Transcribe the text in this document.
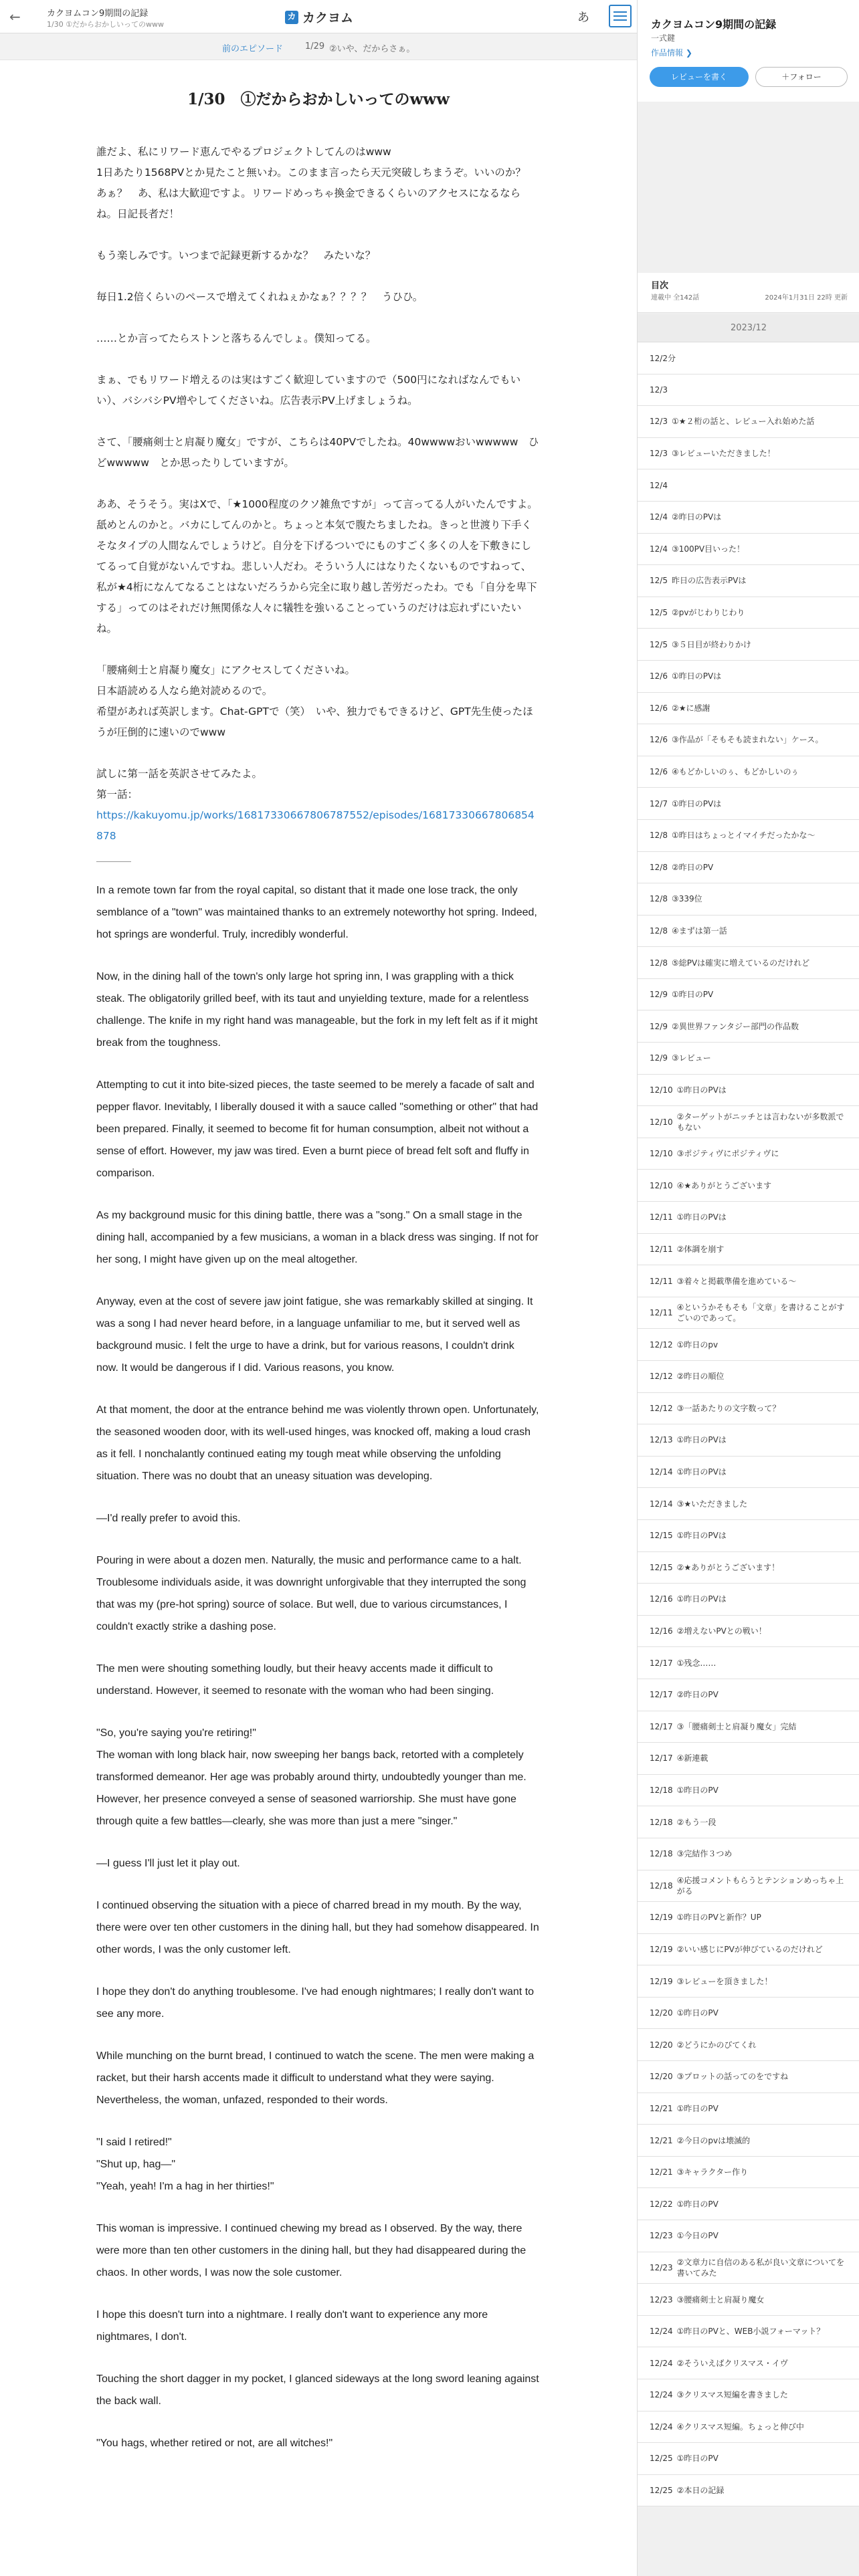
←	カクヨムコン9期間の記録
1/30 ①だからおかしいってのwww
カ カクヨム	あ
前のエピソード	1/29 ②いや、だからさぁ。
1/30　①だからおかしいってのwww

誰だよ、私にリワード恵んでやるプロジェクトしてんのはwww
1日あたり1568PVとか見たこと無いわ。このまま言ったら天元突破しちまうぞ。いいのか？　あぁ？　あ、私は大歓迎ですよ。リワードめっちゃ換金できるくらいのアクセスになるならね。日記長者だ！

もう楽しみです。いつまで記録更新するかな？　みたいな？

毎日1.2倍くらいのペースで増えてくれねぇかなぁ？？？？　うひひ。

……とか言ってたらストンと落ちるんでしょ。僕知ってる。

まぁ、でもリワード増えるのは実はすごく歓迎していますので（500円になればなんでもいい）、バシバシPV増やしてくださいね。広告表示PV上げましょうね。

さて、「腰痛剣士と肩凝り魔女」ですが、こちらは40PVでしたね。40wwwwおいwwwww　ひどwwwww　とか思ったりしていますが。

ああ、そうそう。実はXで、「★1000程度のクソ雑魚ですが」って言ってる人がいたんですよ。舐めとんのかと。バカにしてんのかと。ちょっと本気で腹たちましたね。きっと世渡り下手くそなタイプの人間なんでしょうけど。自分を下げるついでにものすごく多くの人を下敷きにしてるって自覚がないんですね。悲しい人だわ。そういう人にはなりたくないものですねって、私が★4桁になんてなることはないだろうから完全に取り越し苦労だったわ。でも「自分を卑下する」ってのはそれだけ無関係な人々に犠牲を強いることっていうのだけは忘れずにいたいね。

「腰痛剣士と肩凝り魔女」にアクセスしてくださいね。
日本語読める人なら絶対読めるので。
希望があれば英訳します。Chat-GPTで（笑）　いや、独力でもできるけど、GPT先生使ったほうが圧倒的に速いのでwww

試しに第一話を英訳させてみたよ。
第一話：
https://kakuyomu.jp/works/16817330667806787552/episodes/16817330667806854878

In a remote town far from the royal capital, so distant that it made one lose track, the only semblance of a "town" was maintained thanks to an extremely noteworthy hot spring. Indeed, hot springs are wonderful. Truly, incredibly wonderful.

Now, in the dining hall of the town's only large hot spring inn, I was grappling with a thick steak. The obligatorily grilled beef, with its taut and unyielding texture, made for a relentless challenge. The knife in my right hand was manageable, but the fork in my left felt as if it might break from the toughness.

Attempting to cut it into bite-sized pieces, the taste seemed to be merely a facade of salt and pepper flavor. Inevitably, I liberally doused it with a sauce called "something or other" that had been prepared. Finally, it seemed to become fit for human consumption, albeit not without a sense of effort. However, my jaw was tired. Even a burnt piece of bread felt soft and fluffy in comparison.

As my background music for this dining battle, there was a "song." On a small stage in the dining hall, accompanied by a few musicians, a woman in a black dress was singing. If not for her song, I might have given up on the meal altogether.

Anyway, even at the cost of severe jaw joint fatigue, she was remarkably skilled at singing. It was a song I had never heard before, in a language unfamiliar to me, but it served well as background music. I felt the urge to have a drink, but for various reasons, I couldn't drink now. It would be dangerous if I did. Various reasons, you know.

At that moment, the door at the entrance behind me was violently thrown open. Unfortunately, the seasoned wooden door, with its well-used hinges, was knocked off, making a loud crash as it fell. I nonchalantly continued eating my tough meat while observing the unfolding situation. There was no doubt that an uneasy situation was developing.

―I'd really prefer to avoid this.

Pouring in were about a dozen men. Naturally, the music and performance came to a halt. Troublesome individuals aside, it was downright unforgivable that they interrupted the song that was my (pre-hot spring) source of solace. But well, due to various circumstances, I couldn't exactly strike a dashing pose.

The men were shouting something loudly, but their heavy accents made it difficult to understand. However, it seemed to resonate with the woman who had been singing.

"So, you're saying you're retiring!"
The woman with long black hair, now sweeping her bangs back, retorted with a completely transformed demeanor. Her age was probably around thirty, undoubtedly younger than me. However, her presence conveyed a sense of seasoned warriorship. She must have gone through quite a few battles―clearly, she was more than just a mere "singer."

―I guess I'll just let it play out.

I continued observing the situation with a piece of charred bread in my mouth. By the way, there were over ten other customers in the dining hall, but they had somehow disappeared. In other words, I was the only customer left.

I hope they don't do anything troublesome. I've had enough nightmares; I really don't want to see any more.

While munching on the burnt bread, I continued to watch the scene. The men were making a racket, but their harsh accents made it difficult to understand what they were saying. Nevertheless, the woman, unfazed, responded to their words.

"I said I retired!"
"Shut up, hag―"
"Yeah, yeah! I'm a hag in her thirties!"

This woman is impressive. I continued chewing my bread as I observed. By the way, there were more than ten other customers in the dining hall, but they had disappeared during the chaos. In other words, I was now the sole customer.

I hope this doesn't turn into a nightmare. I really don't want to experience any more nightmares, I don't.

Touching the short dagger in my pocket, I glanced sideways at the long sword leaning against the back wall.

"You hags, whether retired or not, are all witches!"

カクヨムコン9期間の記録
一式鍵
作品情報 ❯
レビューを書く	＋フォロー
目次
連載中 全142話	2024年1月31日 22時 更新
2023/12
12/2分
12/3
12/3 ①★２桁の話と、レビュー入れ始めた話
12/3 ③レビューいただきました！
12/4
12/4 ②昨日のPVは
12/4 ③100PV目いった！
12/5 昨日の広告表示PVは
12/5 ②pvがじわりじわり
12/5 ③５日目が終わりかけ
12/6 ①昨日のPVは
12/6 ②★に感謝
12/6 ③作品が「そもそも読まれない」ケース。
12/6 ④もどかしいのぅ、もどかしいのぅ
12/7 ①昨日のPVは
12/8 ①昨日はちょっとイマイチだったかな〜
12/8 ②昨日のPV
12/8 ③339位
12/8 ④まずは第一話
12/8 ⑤総PVは確実に増えているのだけれど
12/9 ①昨日のPV
12/9 ②異世界ファンタジー部門の作品数
12/9 ③レビュー
12/10 ①昨日のPVは
12/10
②ターゲットがニッチとは言わないが多数派でもない
12/10 ③ポジティヴにポジティヴに
12/10 ④★ありがとうございます
12/11 ①昨日のPVは
12/11 ②体調を崩す
12/11 ③着々と掲載準備を進めている〜
12/11
④というかそもそも「文章」を書けることがすごいのであって。
12/12 ①昨日のpv
12/12 ②昨日の順位
12/12 ③一話あたりの文字数って？
12/13 ①昨日のPVは
12/14 ①昨日のPVは
12/14 ③★いただきました
12/15 ①昨日のPVは
12/15 ②★ありがとうございます！
12/16 ①昨日のPVは
12/16 ②増えないPVとの戦い！
12/17 ①残念……
12/17 ②昨日のPV
12/17 ③「腰痛剣士と肩凝り魔女」完結
12/17 ④新連載
12/18 ①昨日のPV
12/18 ②もう一段
12/18 ③完結作３つめ
12/18
④応援コメントもらうとテンションめっちゃ上がる
12/19 ①昨日のPVと新作？UP
12/19 ②いい感じにPVが伸びているのだけれど
12/19 ③レビューを頂きました！
12/20 ①昨日のPV
12/20 ②どうにかのびてくれ
12/20 ③プロットの話ってのをですね
12/21 ①昨日のPV
12/21 ②今日のpvは壊滅的
12/21 ③キャラクター作り
12/22 ①昨日のPV
12/23 ①今日のPV
12/23
②文章力に自信のある私が良い文章についてを書いてみた
12/23 ③腰痛剣士と肩凝り魔女
12/24 ①昨日のPVと、WEB小説フォーマット？
12/24 ②そういえばクリスマス・イヴ
12/24 ③クリスマス短編を書きました
12/24 ④クリスマス短編。ちょっと伸び中
12/25 ①昨日のPV
12/25 ②本日の記録
